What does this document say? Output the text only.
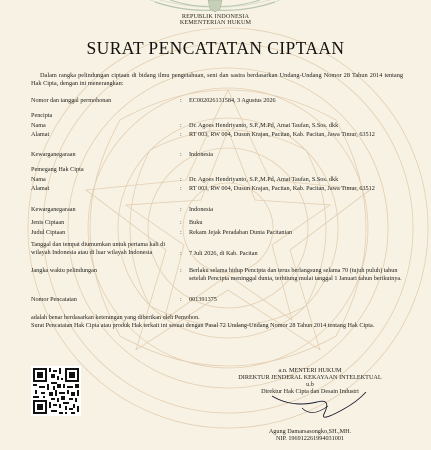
REPUBLIK INDONESIA
KEMENTERIAN HUKUM
SURAT PENCATATAN CIPTAAN
Dalam rangka pelindungan ciptaan di bidang ilmu pengetahuan, seni dan sastra berdasarkan Undang-Undang Nomor 28 Tahun 2014 tentang Hak Cipta, dengan ini menerangkan:
Nomor dan tanggal permohonan	:	EC002026131584, 3 Agustus 2026
Pencipta
Nama	:	Dr. Agoes Hendriyanto, S.P.,M.Pd, Amat Taufan, S.Sos. dkk
Alamat	:	RT 003, RW 004, Dusun Krajan, Pacitan, Kab. Pacitan, Jawa Timur, 63512
Kewarganegaraan	:	Indonesia
Pemegang Hak Cipta
Nama	:	Dr. Agoes Hendriyanto, S.P.,M.Pd, Amat Taufan, S.Sos. dkk
Alamat	:	RT 003, RW 004, Dusun Krajan, Pacitan, Kab. Pacitan, Jawa Timur, 63512
Kewarganegaraan	:	Indonesia
Jenis Ciptaan	:	Buku
Judul Ciptaan	:	Rekam Jejak Peradaban Dunia Pacitanian
Tanggal dan tempat diumumkan untuk pertama kali di wilayah Indonesia atau di luar wilayah Indonesia	:	7 Juli 2026, di Kab. Pacitan
Jangka waktu pelindungan	:	Berlaku selama hidup Pencipta dan terus berlangsung selama 70 (tujuh puluh) tahun setelah Pencipta meninggal dunia, terhitung mulai tanggal 1 Januari tahun berikutnya.
Nomor Pencatatan	:	001391375

adalah benar berdasarkan keterangan yang diberikan oleh Pemohon.

Surat Pencatatan Hak Cipta atau produk Hak terkait ini sesuai dengan Pasal 72 Undang-Undang Nomor 28 Tahun 2014 tentang Hak Cipta.

a.n. MENTERI HUKUM
DIREKTUR JENDERAL KEKAYAAN INTELEKTUAL
u.b
Direktur Hak Cipta dan Desain Industri
Agung Damarsasongko,SH.,MH.
NIP. 196912261994031001
